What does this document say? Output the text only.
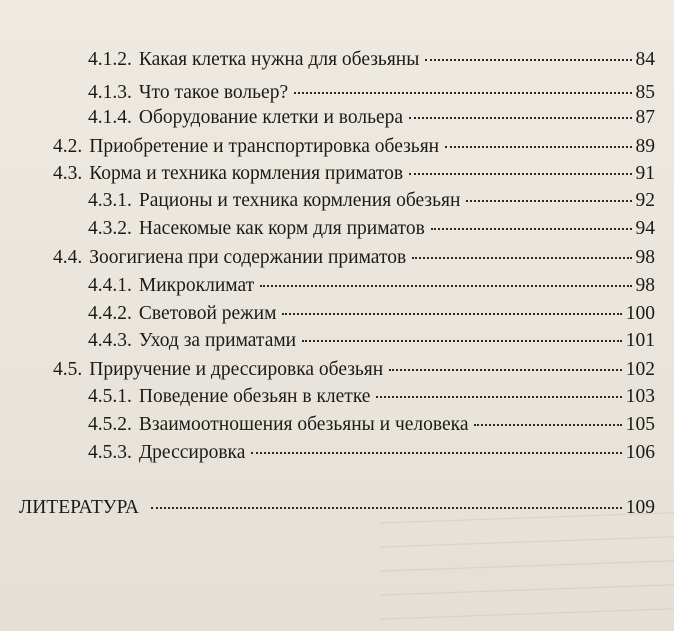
4.1.2. Какая клетка нужна для обезьяны	84
4.1.3. Что такое вольер?	85
4.1.4. Оборудование клетки и вольера	87
4.2. Приобретение и транспортировка обезьян	89
4.3. Корма и техника кормления приматов	91
4.3.1. Рационы и техника кормления обезьян	92
4.3.2. Насекомые как корм для приматов	94
4.4. Зоогигиена при содержании приматов	98
4.4.1. Микроклимат	98
4.4.2. Световой режим	100
4.4.3. Уход за приматами	101
4.5. Приручение и дрессировка обезьян	102
4.5.1. Поведение обезьян в клетке	103
4.5.2. Взаимоотношения обезьяны и человека	105
4.5.3. Дрессировка	106
ЛИТЕРАТУРА	109
